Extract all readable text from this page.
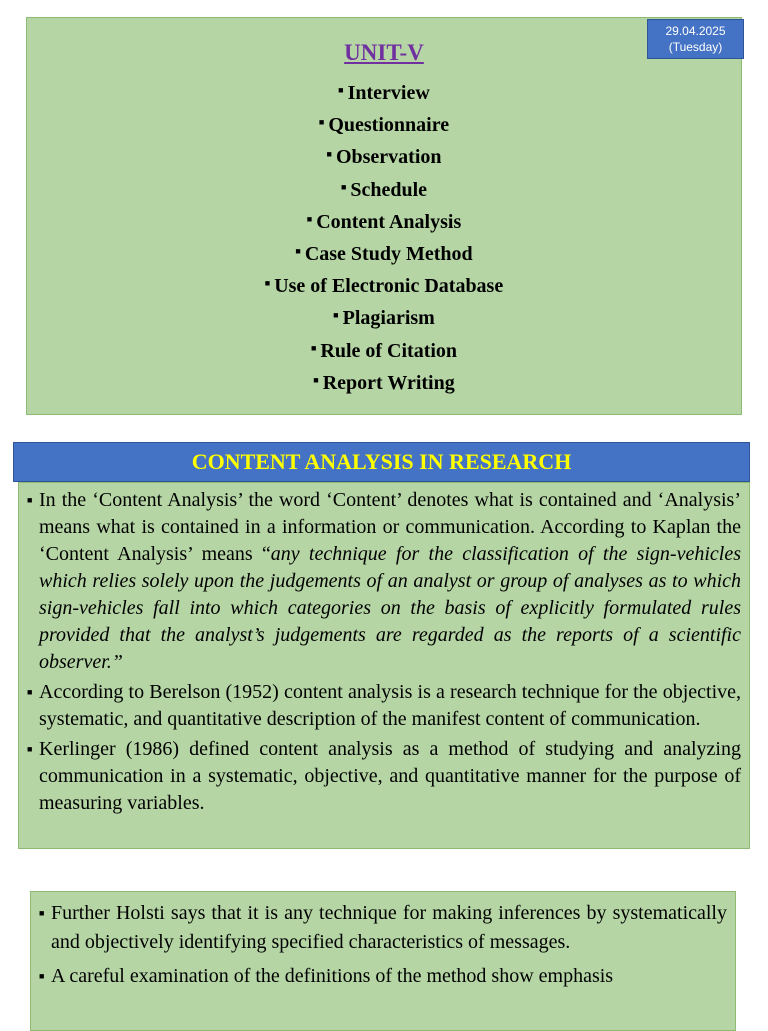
UNIT-V
■ Interview
■ Questionnaire
■ Observation
■ Schedule
■ Content Analysis
■ Case Study Method
■ Use of Electronic Database
■ Plagiarism
■ Rule of Citation
■ Report Writing
29.04.2025
(Tuesday)
CONTENT ANALYSIS IN RESEARCH
■ In the ‘Content Analysis’ the word ‘Content’ denotes what is contained and ‘Analysis’ means what is contained in a information or communication. According to Kaplan the ‘Content Analysis’ means “any technique for the classification of the sign-vehicles which relies solely upon the judgements of an analyst or group of analyses as to which sign-vehicles fall into which categories on the basis of explicitly formulated rules provided that the analyst’s judgements are regarded as the reports of a scientific observer.”
■ According to Berelson (1952) content analysis is a research technique for the objective, systematic, and quantitative description of the manifest content of communication.
■ Kerlinger (1986) defined content analysis as a method of studying and analyzing communication in a systematic, objective, and quantitative manner for the purpose of measuring variables.
■ Further Holsti says that it is any technique for making inferences by systematically and objectively identifying specified characteristics of messages.
■ A careful examination of the definitions of the method show emphasis
